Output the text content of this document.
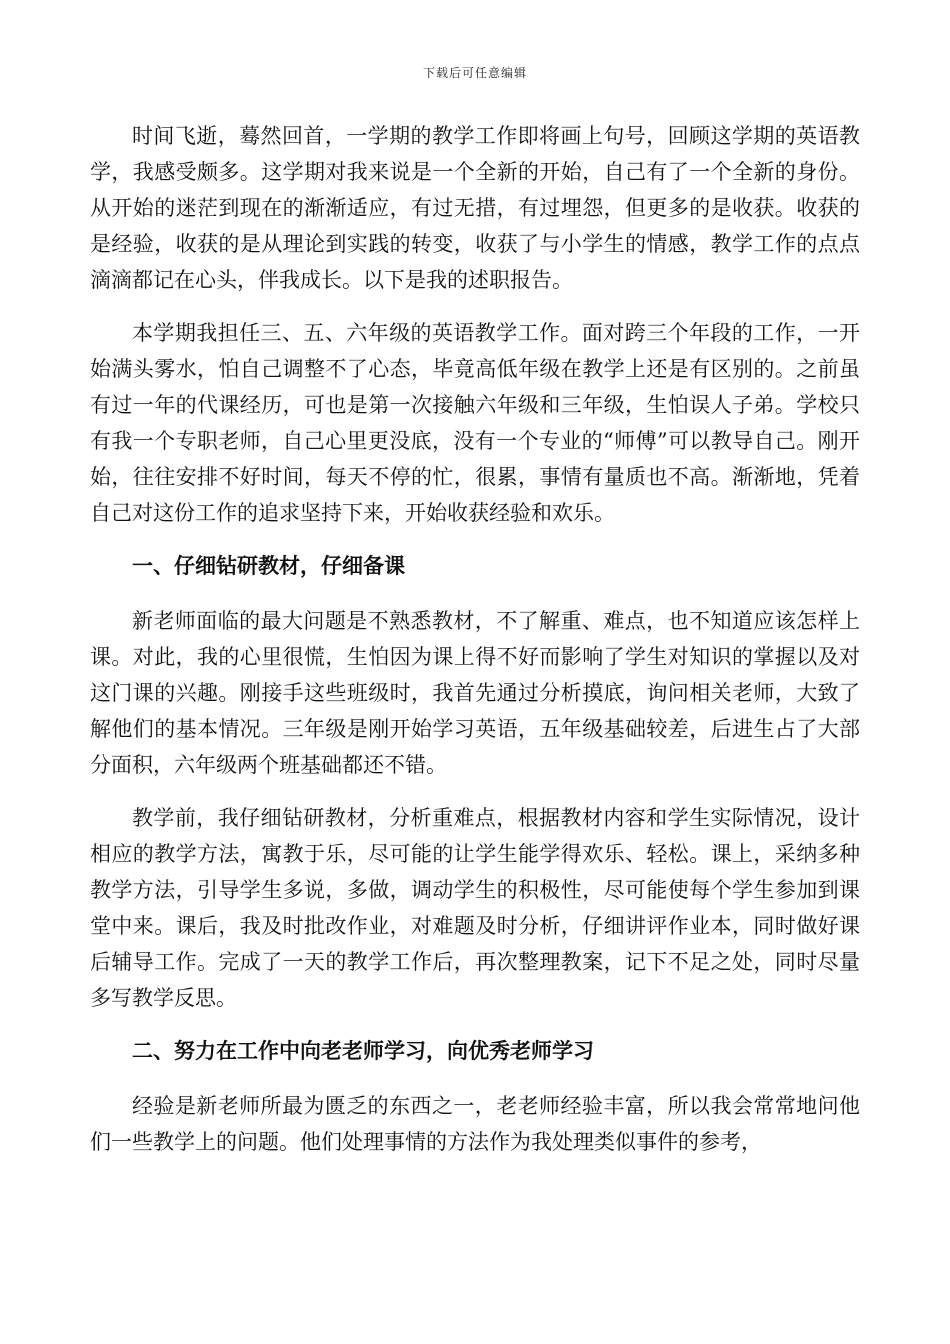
下载后可任意编辑

时间飞逝，蓦然回首，一学期的教学工作即将画上句号，回顾这学期的英语教学，我感受颇多。这学期对我来说是一个全新的开始，自己有了一个全新的身份。从开始的迷茫到现在的渐渐适应，有过无措，有过埋怨，但更多的是收获。收获的是经验，收获的是从理论到实践的转变，收获了与小学生的情感，教学工作的点点滴滴都记在心头，伴我成长。以下是我的述职报告。

本学期我担任三、五、六年级的英语教学工作。面对跨三个年段的工作，一开始满头雾水，怕自己调整不了心态，毕竟高低年级在教学上还是有区别的。之前虽有过一年的代课经历，可也是第一次接触六年级和三年级，生怕误人子弟。学校只有我一个专职老师，自己心里更没底，没有一个专业的“师傅”可以教导自己。刚开始，往往安排不好时间，每天不停的忙，很累，事情有量质也不高。渐渐地，凭着自己对这份工作的追求坚持下来，开始收获经验和欢乐。

一、仔细钻研教材，仔细备课

新老师面临的最大问题是不熟悉教材，不了解重、难点，也不知道应该怎样上课。对此，我的心里很慌，生怕因为课上得不好而影响了学生对知识的掌握以及对这门课的兴趣。刚接手这些班级时，我首先通过分析摸底，询问相关老师，大致了解他们的基本情况。三年级是刚开始学习英语，五年级基础较差，后进生占了大部分面积，六年级两个班基础都还不错。

教学前，我仔细钻研教材，分析重难点，根据教材内容和学生实际情况，设计相应的教学方法，寓教于乐，尽可能的让学生能学得欢乐、轻松。课上，采纳多种教学方法，引导学生多说，多做，调动学生的积极性，尽可能使每个学生参加到课堂中来。课后，我及时批改作业，对难题及时分析，仔细讲评作业本，同时做好课后辅导工作。完成了一天的教学工作后，再次整理教案，记下不足之处，同时尽量多写教学反思。

二、努力在工作中向老老师学习，向优秀老师学习

经验是新老师所最为匮乏的东西之一，老老师经验丰富，所以我会常常地问他们一些教学上的问题。他们处理事情的方法作为我处理类似事件的参考，
